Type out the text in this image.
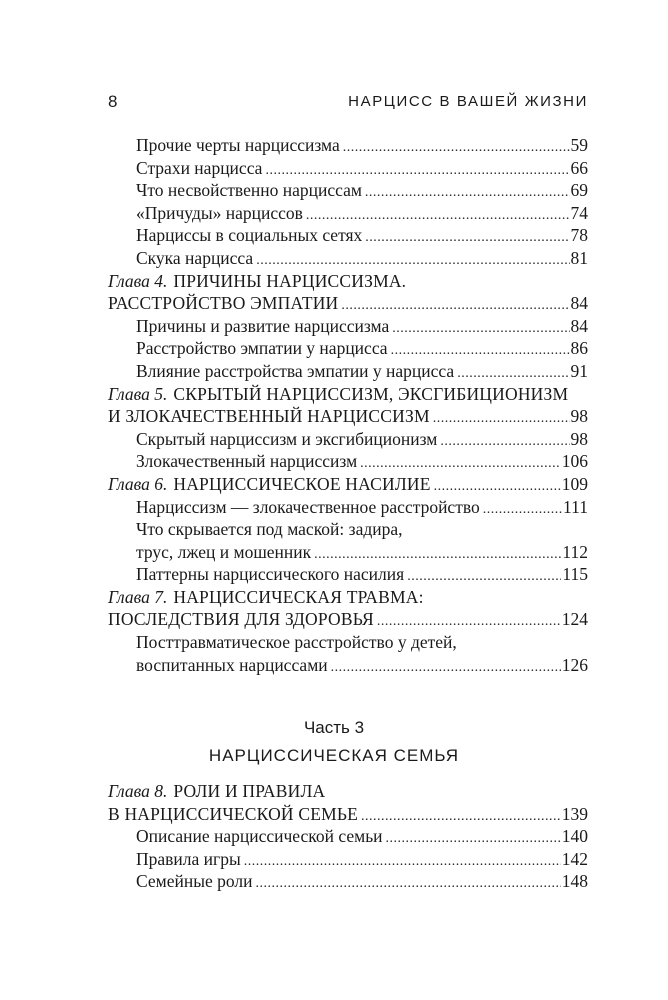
8	НАРЦИСС В ВАШЕЙ ЖИЗНИ
Прочие черты нарциссизма .....	59
Страхи нарцисса .....	66
Что несвойственно нарциссам .....	69
«Причуды» нарциссов .....	74
Нарциссы в социальных сетях .....	78
Скука нарцисса .....	81
Глава 4. ПРИЧИНЫ НАРЦИССИЗМА.
РАССТРОЙСТВО ЭМПАТИИ .....	84
Причины и развитие нарциссизма .....	84
Расстройство эмпатии у нарцисса .....	86
Влияние расстройства эмпатии у нарцисса .....	91
Глава 5. СКРЫТЫЙ НАРЦИССИЗМ, ЭКСГИБИЦИОНИЗМ
И ЗЛОКАЧЕСТВЕННЫЙ НАРЦИССИЗМ .....	98
Скрытый нарциссизм и эксгибиционизм .....	98
Злокачественный нарциссизм .....	106
Глава 6. НАРЦИССИЧЕСКОЕ НАСИЛИЕ .....	109
Нарциссизм — злокачественное расстройство .....	111
Что скрывается под маской: задира,
трус, лжец и мошенник .....	112
Паттерны нарциссического насилия .....	115
Глава 7. НАРЦИССИЧЕСКАЯ ТРАВМА:
ПОСЛЕДСТВИЯ ДЛЯ ЗДОРОВЬЯ .....	124
Посттравматическое расстройство у детей,
воспитанных нарциссами .....	126
Часть 3
НАРЦИССИЧЕСКАЯ СЕМЬЯ
Глава 8. РОЛИ И ПРАВИЛА
В НАРЦИССИЧЕСКОЙ СЕМЬЕ .....	139
Описание нарциссической семьи .....	140
Правила игры .....	142
Семейные роли .....	148
